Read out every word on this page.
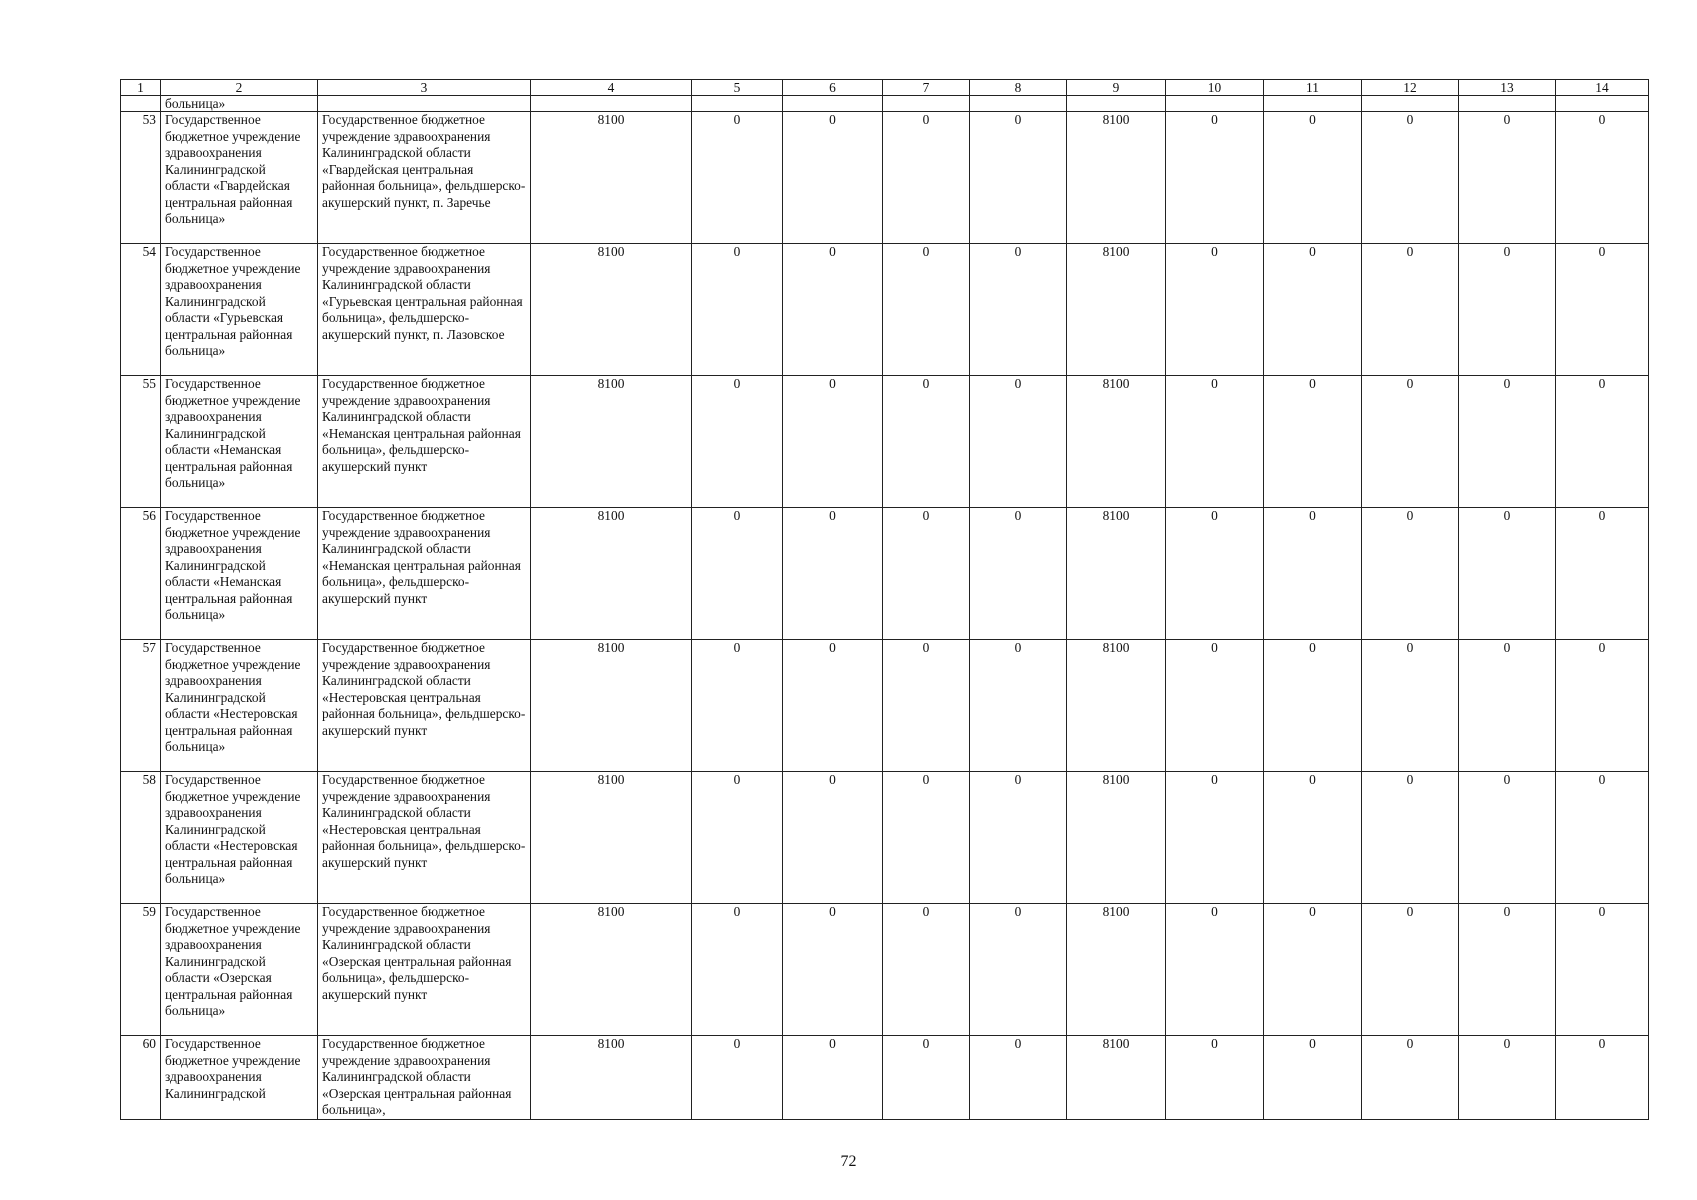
1	2	3	4	5	6	7	8	9	10	11	12	13	14
	больница»												
53	Государственное бюджетное учреждение здравоохранения Калининградской области «Гвардейская центральная районная больница»	Государственное бюджетное учреждение здравоохранения Калининградской области «Гвардейская центральная районная больница», фельдшерско-акушерский пункт, п. Заречье	8100	0	0	0	0	8100	0	0	0	0	0
54	Государственное бюджетное учреждение здравоохранения Калининградской области «Гурьевская центральная районная больница»	Государственное бюджетное учреждение здравоохранения Калининградской области «Гурьевская центральная районная больница», фельдшерско-акушерский пункт, п. Лазовское	8100	0	0	0	0	8100	0	0	0	0	0
55	Государственное бюджетное учреждение здравоохранения Калининградской области «Неманская центральная районная больница»	Государственное бюджетное учреждение здравоохранения Калининградской области «Неманская центральная районная больница», фельдшерско-акушерский пункт	8100	0	0	0	0	8100	0	0	0	0	0
56	Государственное бюджетное учреждение здравоохранения Калининградской области «Неманская центральная районная больница»	Государственное бюджетное учреждение здравоохранения Калининградской области «Неманская центральная районная больница», фельдшерско-акушерский пункт	8100	0	0	0	0	8100	0	0	0	0	0
57	Государственное бюджетное учреждение здравоохранения Калининградской области «Нестеровская центральная районная больница»	Государственное бюджетное учреждение здравоохранения Калининградской области «Нестеровская центральная районная больница», фельдшерско-акушерский пункт	8100	0	0	0	0	8100	0	0	0	0	0
58	Государственное бюджетное учреждение здравоохранения Калининградской области «Нестеровская центральная районная больница»	Государственное бюджетное учреждение здравоохранения Калининградской области «Нестеровская центральная районная больница», фельдшерско-акушерский пункт	8100	0	0	0	0	8100	0	0	0	0	0
59	Государственное бюджетное учреждение здравоохранения Калининградской области «Озерская центральная районная больница»	Государственное бюджетное учреждение здравоохранения Калининградской области «Озерская центральная районная больница», фельдшерско-акушерский пункт	8100	0	0	0	0	8100	0	0	0	0	0
60	Государственное бюджетное учреждение здравоохранения Калининградской	Государственное бюджетное учреждение здравоохранения Калининградской области «Озерская центральная районная больница»,	8100	0	0	0	0	8100	0	0	0	0	0
72
